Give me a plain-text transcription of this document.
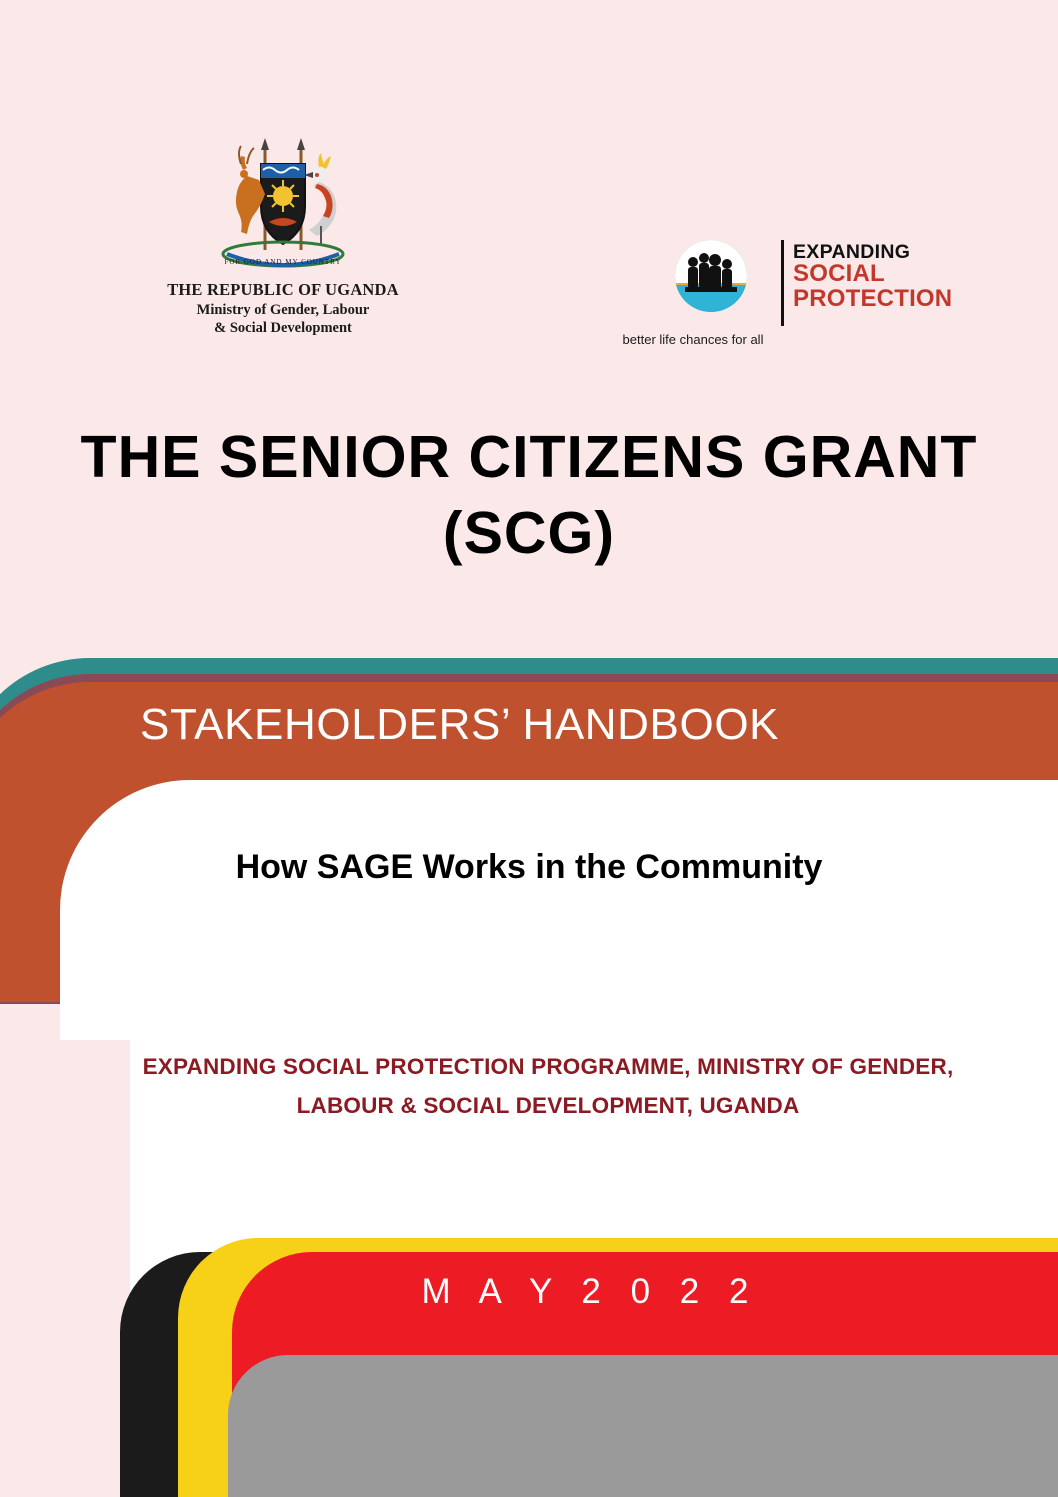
FOR GOD AND MY COUNTRY
THE REPUBLIC OF UGANDA
Ministry of Gender, Labour
& Social Development
EXPANDING
SOCIAL
PROTECTION
better life chances for all
THE SENIOR CITIZENS GRANT (SCG)
STAKEHOLDERS’ HANDBOOK
How SAGE Works in the Community
EXPANDING SOCIAL PROTECTION PROGRAMME, MINISTRY OF GENDER, LABOUR & SOCIAL DEVELOPMENT, UGANDA
M A Y 2 0 2 2
